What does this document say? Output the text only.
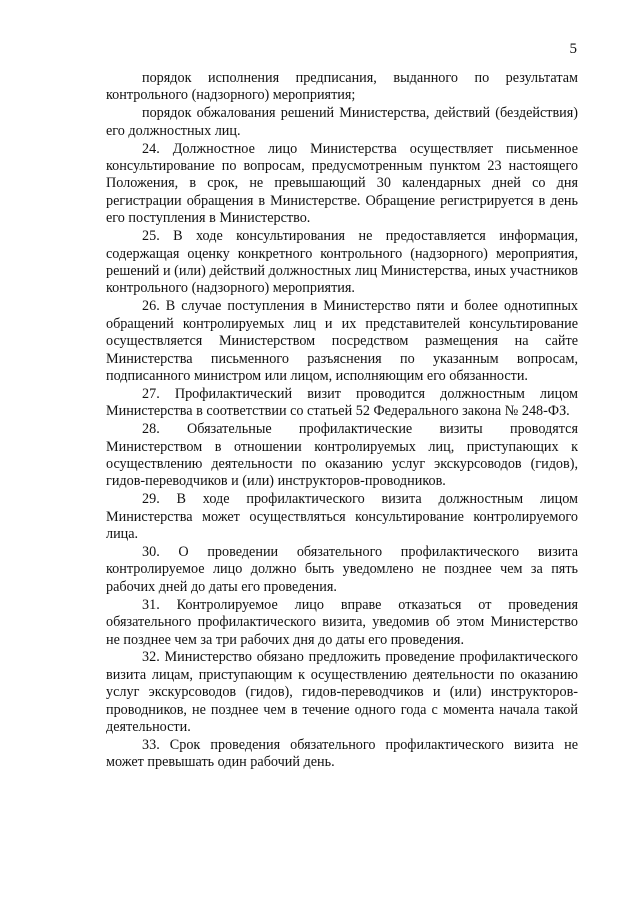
5

порядок исполнения предписания, выданного по результатам контрольного (надзорного) мероприятия;

порядок обжалования решений Министерства, действий (бездействия) его должностных лиц.

24. Должностное лицо Министерства осуществляет письменное консультирование по вопросам, предусмотренным пунктом 23 настоящего Положения, в срок, не превышающий 30 календарных дней со дня регистрации обращения в Министерстве. Обращение регистрируется в день его поступления в Министерство.

25. В ходе консультирования не предоставляется информация, содержащая оценку конкретного контрольного (надзорного) мероприятия, решений и (или) действий должностных лиц Министерства, иных участников контрольного (надзорного) мероприятия.

26. В случае поступления в Министерство пяти и более однотипных обращений контролируемых лиц и их представителей консультирование осуществляется Министерством посредством размещения на сайте Министерства письменного разъяснения по указанным вопросам, подписанного министром или лицом, исполняющим его обязанности.

27. Профилактический визит проводится должностным лицом Министерства в соответствии со статьей 52 Федерального закона № 248-ФЗ.

28. Обязательные профилактические визиты проводятся Министерством в отношении контролируемых лиц, приступающих к осуществлению деятельности по оказанию услуг экскурсоводов (гидов), гидов-переводчиков и (или) инструкторов-проводников.

29. В ходе профилактического визита должностным лицом Министерства может осуществляться консультирование контролируемого лица.

30. О проведении обязательного профилактического визита контролируемое лицо должно быть уведомлено не позднее чем за пять рабочих дней до даты его проведения.

31. Контролируемое лицо вправе отказаться от проведения обязательного профилактического визита, уведомив об этом Министерство не позднее чем за три рабочих дня до даты его проведения.

32. Министерство обязано предложить проведение профилактического визита лицам, приступающим к осуществлению деятельности по оказанию услуг экскурсоводов (гидов), гидов-переводчиков и (или) инструкторов-проводников, не позднее чем в течение одного года с момента начала такой деятельности.

33. Срок проведения обязательного профилактического визита не может превышать один рабочий день.
